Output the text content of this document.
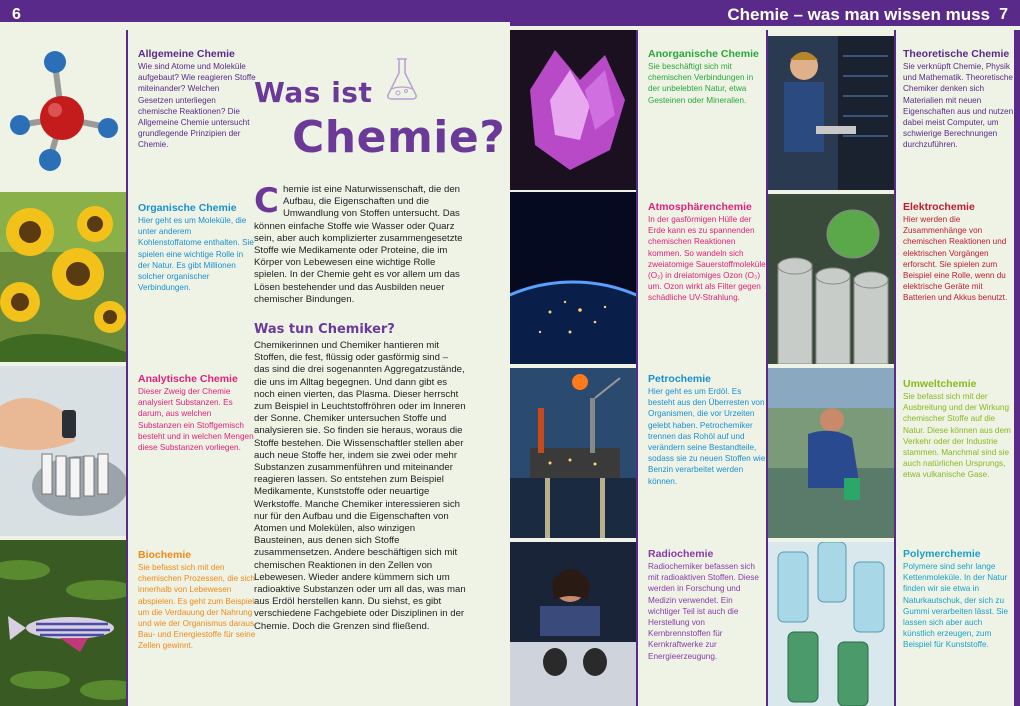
6
Allgemeine Chemie

Wie sind Atome und Moleküle aufgebaut? Wie reagieren Stoffe miteinander? Welchen Gesetzen unterliegen chemische Reaktionen? Die Allgemeine Chemie untersucht grundlegende Prinzipien der Chemie.

Organische Chemie

Hier geht es um Moleküle, die unter anderem Kohlenstoffatome enthalten. Sie spielen eine wichtige Rolle in der Natur. Es gibt Millionen solcher organischer Verbindungen.

Analytische Chemie

Dieser Zweig der Chemie analysiert Substanzen. Es darum, aus welchen Substanzen ein Stoffgemisch besteht und in welchen Mengen diese Substanzen vorliegen.

Biochemie

Sie befasst sich mit den chemischen Prozessen, die sich innerhalb von Lebewesen abspielen. Es geht zum Beispiel um die Verdauung der Nahrung und wie der Organismus daraus Bau- und Energiestoffe für seine Zellen gewinnt.

Was ist
Chemie?
Chemie ist eine Naturwissenschaft, die den Aufbau, die Eigenschaften und die Umwandlung von Stoffen untersucht. Das können einfache Stoffe wie Wasser oder Quarz sein, aber auch komplizierter zusammengesetzte Stoffe wie Medikamente oder Proteine, die im Körper von Lebewesen eine wichtige Rolle spielen. In der Chemie geht es vor allem um das Lösen bestehender und das Ausbilden neuer chemischer Bindungen.
Was tun Chemiker?
Chemikerinnen und Chemiker hantieren mit Stoffen, die fest, flüssig oder gasförmig sind – das sind die drei sogenannten Aggregatzustände, die uns im Alltag begegnen. Und dann gibt es noch einen vierten, das Plasma. Dieser herrscht zum Beispiel in Leuchtstoffröhren oder im Inneren der Sonne. Chemiker untersuchen Stoffe und analysieren sie. So finden sie heraus, woraus die Stoffe bestehen. Die Wissenschaftler stellen aber auch neue Stoffe her, indem sie zwei oder mehr Substanzen zusammenführen und miteinander reagieren lassen. So entstehen zum Beispiel Medikamente, Kunststoffe oder neuartige Werkstoffe. Manche Chemiker interessieren sich nur für den Aufbau und die Eigenschaften von Atomen und Molekülen, also winzigen Bausteinen, aus denen sich Stoffe zusammensetzen. Andere beschäftigen sich mit chemischen Reaktionen in den Zellen von Lebewesen. Wieder andere kümmern sich um radioaktive Substanzen oder um all das, was man aus Erdöl herstellen kann. Du siehst, es gibt verschiedene Fachgebiete oder Disziplinen in der Chemie. Doch die Grenzen sind fließend.
Chemie – was man wissen muss 7
Anorganische Chemie

Sie beschäftigt sich mit chemischen Verbindungen in der unbelebten Natur, etwa Gesteinen oder Mineralien.

Atmosphärenchemie

In der gasförmigen Hülle der Erde kann es zu spannenden chemischen Reaktionen kommen. So wandeln sich zweiatomige Sauerstoffmoleküle (O₂) in dreiatomiges Ozon (O₃) um. Ozon wirkt als Filter gegen schädliche UV-Strahlung.

Petrochemie

Hier geht es um Erdöl. Es besteht aus den Überresten von Organismen, die vor Urzeiten gelebt haben. Petrochemiker trennen das Rohöl auf und verändern seine Bestandteile, sodass sie zu neuen Stoffen wie Benzin verarbeitet werden können.

Radiochemie

Radiochemiker befassen sich mit radioaktiven Stoffen. Diese werden in Forschung und Medizin verwendet. Ein wichtiger Teil ist auch die Herstellung von Kernbrennstoffen für Kernkraftwerke zur Energieerzeugung.

Theoretische Chemie

Sie verknüpft Chemie, Physik und Mathematik. Theoretische Chemiker denken sich Materialien mit neuen Eigenschaften aus und nutzen dabei meist Computer, um schwierige Berechnungen durchzuführen.

Elektrochemie

Hier werden die Zusammenhänge von chemischen Reaktionen und elektrischen Vorgängen erforscht. Sie spielen zum Beispiel eine Rolle, wenn du elektrische Geräte mit Batterien und Akkus benutzt.

Umweltchemie

Sie befasst sich mit der Ausbreitung und der Wirkung chemischer Stoffe auf die Natur. Diese können aus dem Verkehr oder der Industrie stammen. Manchmal sind sie auch natürlichen Ursprungs, etwa vulkanische Gase.

Polymerchemie

Polymere sind sehr lange Kettenmoleküle. In der Natur finden wir sie etwa in Naturkautschuk, der sich zu Gummi verarbeiten lässt. Sie lassen sich aber auch künstlich erzeugen, zum Beispiel für Kunststoffe.
